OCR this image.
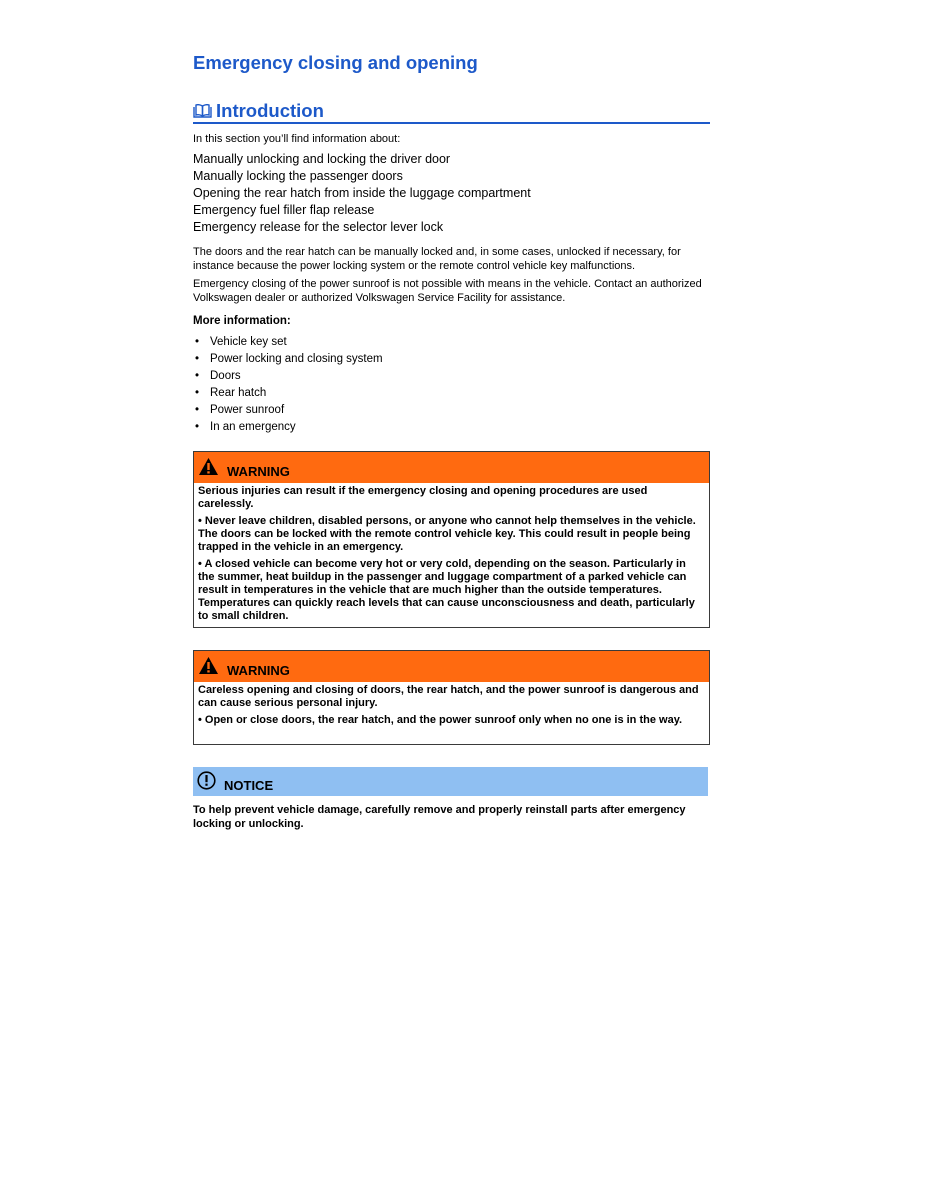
Emergency closing and opening
Introduction
In this section you’ll find information about:
Manually unlocking and locking the driver door
Manually locking the passenger doors
Opening the rear hatch from inside the luggage compartment
Emergency fuel filler flap release
Emergency release for the selector lever lock

The doors and the rear hatch can be manually locked and, in some cases, unlocked if necessary, for instance because the power locking system or the remote control vehicle key malfunctions.

Emergency closing of the power sunroof is not possible with means in the vehicle. Contact an authorized Volkswagen dealer or authorized Volkswagen Service Facility for assistance.

More information:
• Vehicle key set
• Power locking and closing system
• Doors
• Rear hatch
• Power sunroof
• In an emergency
WARNING

Serious injuries can result if the emergency closing and opening procedures are used carelessly.

• Never leave children, disabled persons, or anyone who cannot help themselves in the vehicle. The doors can be locked with the remote control vehicle key. This could result in people being trapped in the vehicle in an emergency.

• A closed vehicle can become very hot or very cold, depending on the season. Particularly in the summer, heat buildup in the passenger and luggage compartment of a parked vehicle can result in temperatures in the vehicle that are much higher than the outside temperatures. Temperatures can quickly reach levels that can cause unconsciousness and death, particularly to small children.

WARNING

Careless opening and closing of doors, the rear hatch, and the power sunroof is dangerous and can cause serious personal injury.

• Open or close doors, the rear hatch, and the power sunroof only when no one is in the way.

NOTICE

To help prevent vehicle damage, carefully remove and properly reinstall parts after emergency locking or unlocking.
